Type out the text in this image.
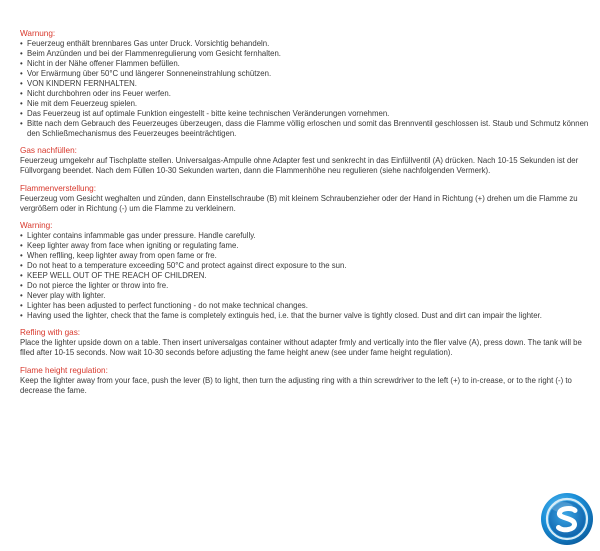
Warnung:
• Feuerzeug enthält brennbares Gas unter Druck. Vorsichtig behandeln.
• Beim Anzünden und bei der Flammenregulierung vom Gesicht fernhalten.
• Nicht in der Nähe offener Flammen befüllen.
• Vor Erwärmung über 50°C und längerer Sonneneinstrahlung schützen.
• VON KINDERN FERNHALTEN.
• Nicht durchbohren oder ins Feuer werfen.
• Nie mit dem Feuerzeug spielen.
• Das Feuerzeug ist auf optimale Funktion eingestellt - bitte keine technischen Veränderungen vornehmen.
• Bitte nach dem Gebrauch des Feuerzeuges überzeugen, dass die Flamme völlig erloschen und somit das Brennventil geschlossen ist. Staub und Schmutz können den Schließmechanismus des Feuerzeuges beeinträchtigen.
Gas nachfüllen:
Feuerzeug umgekehr auf Tischplatte stellen. Universalgas-Ampulle ohne Adapter fest und senkrecht in das Einfüllventil (A) drücken. Nach 10-15 Sekunden ist der Füllvorgang beendet. Nach dem Füllen 10-30 Sekunden warten, dann die Flammenhöhe neu regulieren (siehe nachfolgenden Vermerk).
Flammenverstellung:
Feuerzeug vom Gesicht weghalten und zünden, dann Einstellschraube (B) mit kleinem Schraubenzieher oder der Hand in Richtung (+) drehen um die Flamme zu vergrößern oder in Richtung (-) um die Flamme zu verkleinern.
Warning:
• Lighter contains infammable gas under pressure. Handle carefully.
• Keep lighter away from face when igniting or regulating fame.
• When reflling, keep lighter away from open fame or fre.
• Do not heat to a temperature exceeding 50°C and protect against direct exposure to the sun.
• KEEP WELL OUT OF THE REACH OF CHILDREN.
• Do not pierce the lighter or throw into fre.
• Never play with lighter.
• Lighter has been adjusted to perfect functioning - do not make technical changes.
• Having used the lighter, check that the fame is completely extinguis hed, i.e. that the burner valve is tightly closed. Dust and dirt can impair the lighter.
Refling with gas:
Place the lighter upside down on a table. Then insert universalgas container without adapter frmly and vertically into the fller valve (A), press down. The tank will be flled after 10-15 seconds. Now wait 10-30 seconds before adjusting the fame height anew (see under fame height regulation).
Flame height regulation:
Keep the lighter away from your face, push the lever (B) to light, then turn the adjusting ring with a thin screwdriver to the left (+) to in-crease, or to the right (-) to decrease the fame.
